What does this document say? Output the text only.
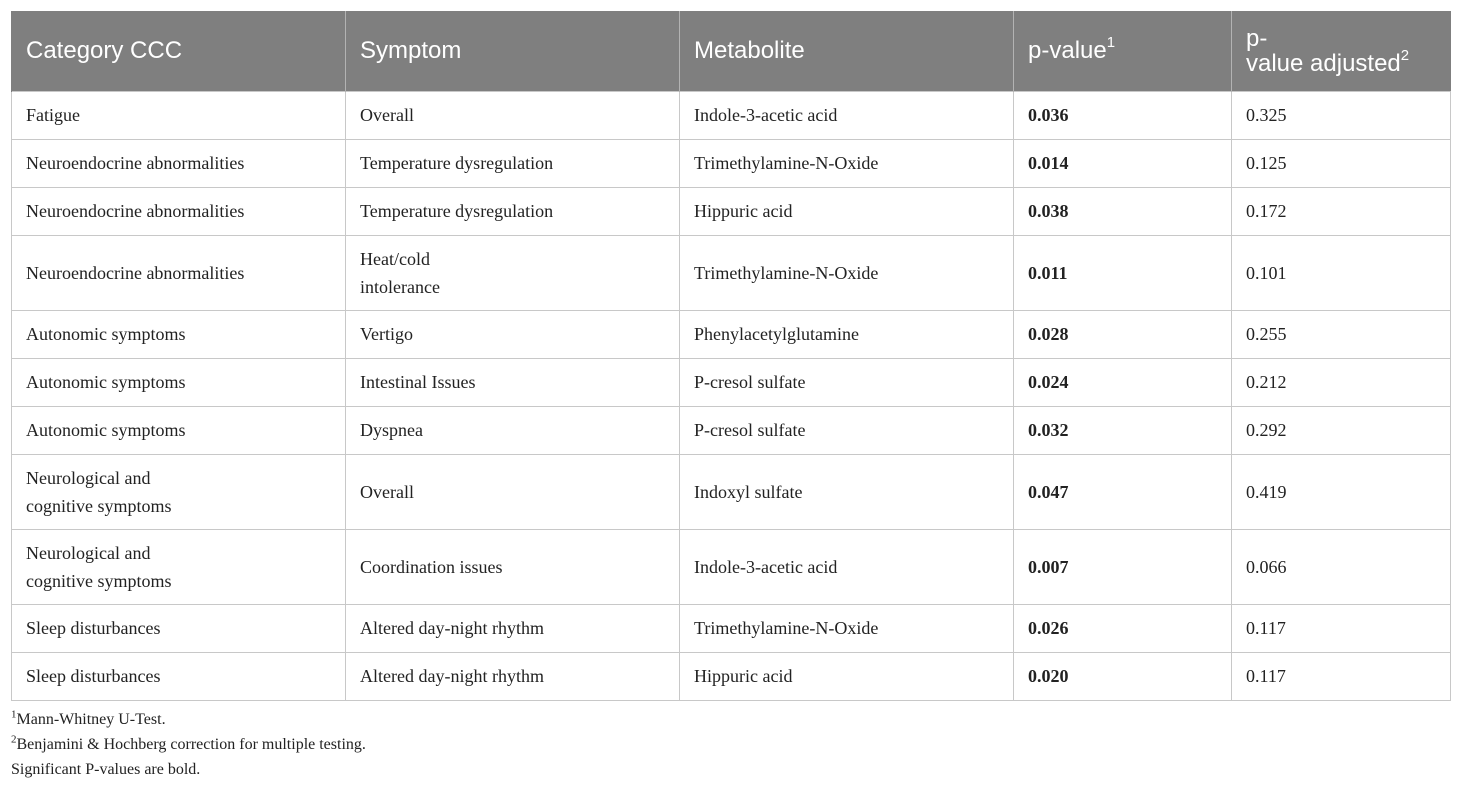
Category CCC	Symptom	Metabolite	p-value$^1$	p-
value adjusted$^2$
Fatigue	Overall	Indole-3-acetic acid	0.036	0.325
Neuroendocrine abnormalities	Temperature dysregulation	Trimethylamine-N-Oxide	0.014	0.125
Neuroendocrine abnormalities	Temperature dysregulation	Hippuric acid	0.038	0.172
Neuroendocrine abnormalities	Heat/cold
intolerance	Trimethylamine-N-Oxide	0.011	0.101
Autonomic symptoms	Vertigo	Phenylacetylglutamine	0.028	0.255
Autonomic symptoms	Intestinal Issues	P-cresol sulfate	0.024	0.212
Autonomic symptoms	Dyspnea	P-cresol sulfate	0.032	0.292
Neurological and
cognitive symptoms	Overall	Indoxyl sulfate	0.047	0.419
Neurological and
cognitive symptoms	Coordination issues	Indole-3-acetic acid	0.007	0.066
Sleep disturbances	Altered day-night rhythm	Trimethylamine-N-Oxide	0.026	0.117
Sleep disturbances	Altered day-night rhythm	Hippuric acid	0.020	0.117
$^1$Mann-Whitney U-Test.
$^2$Benjamini & Hochberg correction for multiple testing.
Significant P-values are bold.
